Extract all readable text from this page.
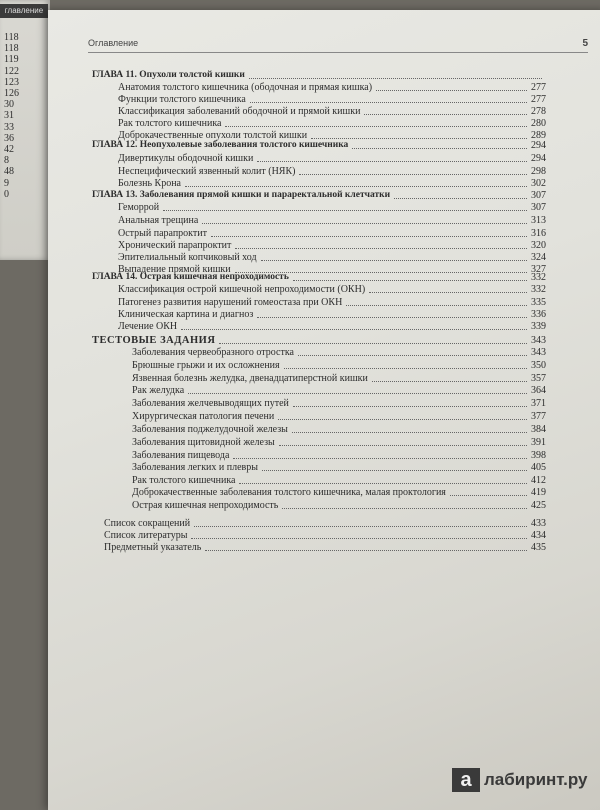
главление
118
118
119
122
123
126
30
31
33
36
42
8
48
9
0
Оглавление	5
ГЛАВА 11. Опухоли толстой кишки
Анатомия толстого кишечника (ободочная и прямая кишка)	277
Функции толстого кишечника	277
Классификация заболеваний ободочной и прямой кишки	278
Рак толстого кишечника	280
Доброкачественные опухоли толстой кишки	289
ГЛАВА 12. Неопухолевые заболевания толстого кишечника	294
Дивертикулы ободочной кишки	294
Неспецифический язвенный колит (НЯК)	298
Болезнь Крона	302
ГЛАВА 13. Заболевания прямой кишки и параректальной клетчатки	307
Геморрой	307
Анальная трещина	313
Острый парапроктит	316
Хронический парапроктит	320
Эпителиальный копчиковый ход	324
Выпадение прямой кишки	327
ГЛАВА 14. Острая кишечная непроходимость	332
Классификация острой кишечной непроходимости (ОКН)	332
Патогенез развития нарушений гомеостаза при ОКН	335
Клиническая картина и диагноз	336
Лечение ОКН	339
ТЕСТОВЫЕ ЗАДАНИЯ	343
Заболевания червеобразного отростка	343
Брюшные грыжи и их осложнения	350
Язвенная болезнь желудка, двенадцатиперстной кишки	357
Рак желудка	364
Заболевания желчевыводящих путей	371
Хирургическая патология печени	377
Заболевания поджелудочной железы	384
Заболевания щитовидной железы	391
Заболевания пищевода	398
Заболевания легких и плевры	405
Рак толстого кишечника	412
Доброкачественные заболевания толстого кишечника, малая проктология	419
Острая кишечная непроходимость	425
Список сокращений	433
Список литературы	434
Предметный указатель	435
а лабиринт.ру
